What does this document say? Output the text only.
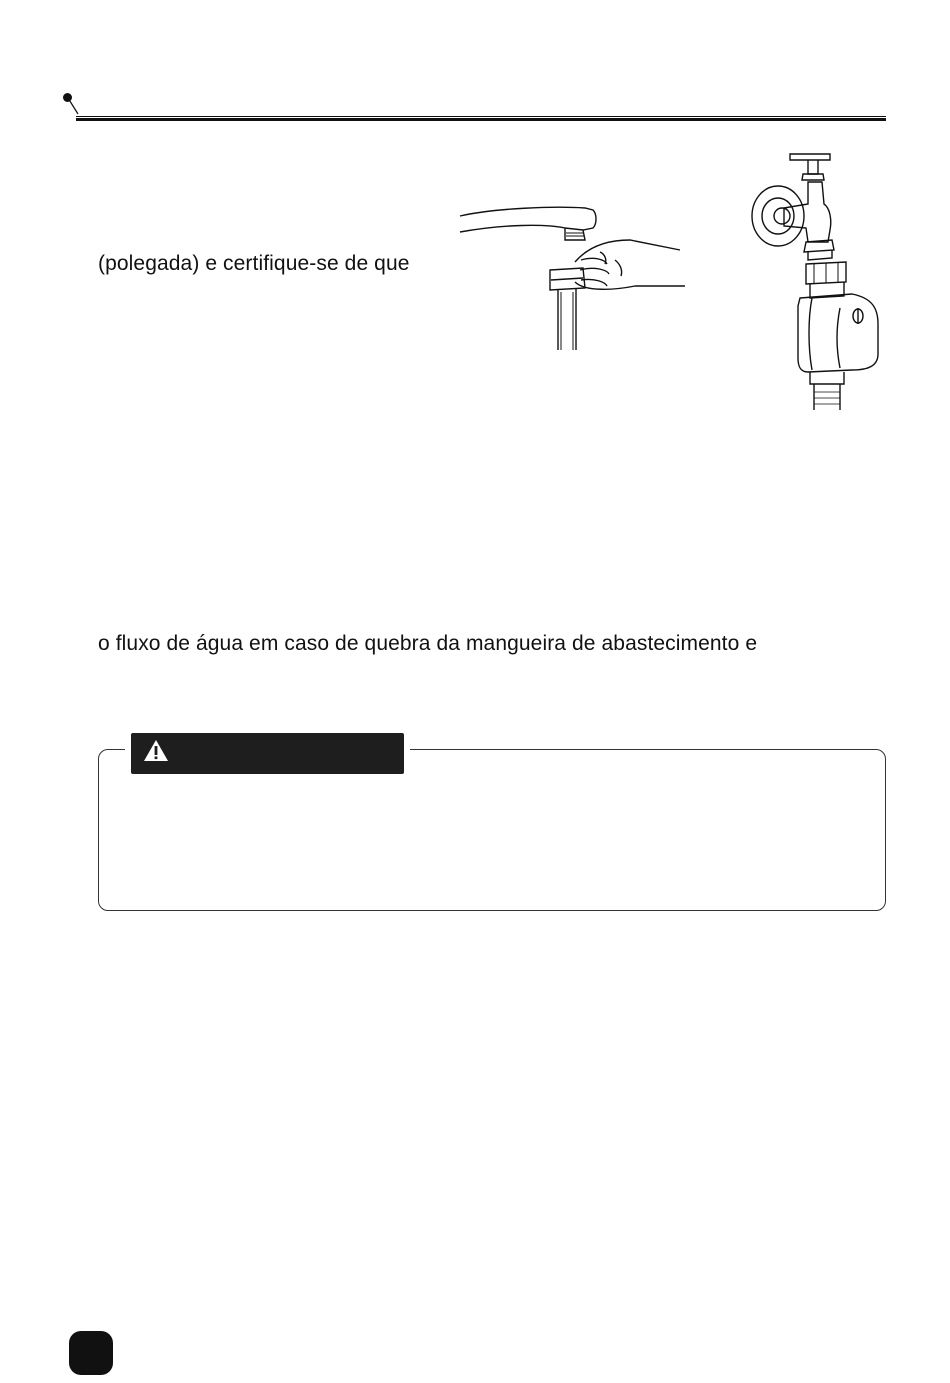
(polegada) e certifique-se de que
o fluxo de água em caso de quebra da mangueira de abastecimento e
